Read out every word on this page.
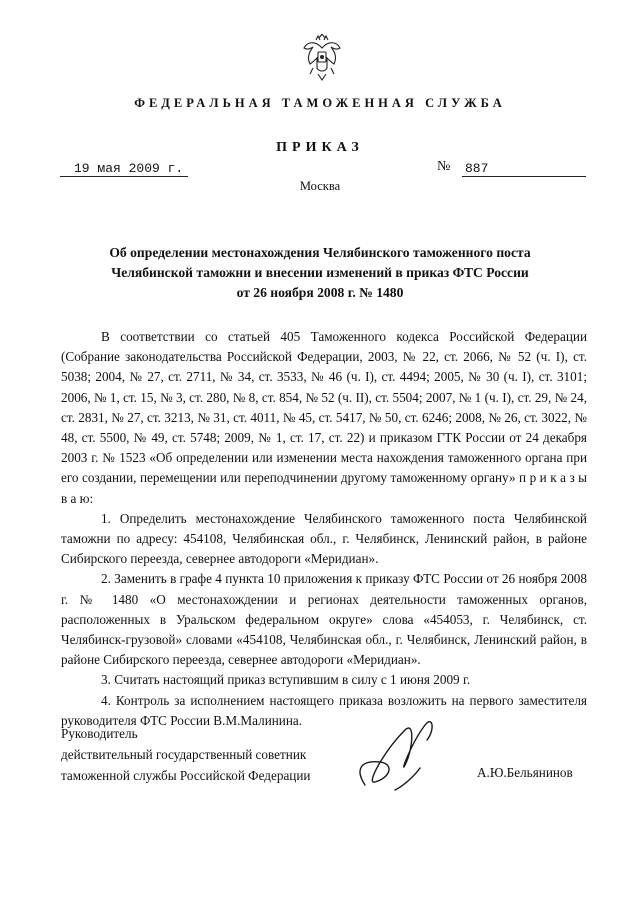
ФЕДЕРАЛЬНАЯ ТАМОЖЕННАЯ СЛУЖБА
ПРИКАЗ
19 мая 2009 г.	№ 887
Москва
Об определении местонахождения Челябинского таможенного поста
Челябинской таможни и внесении изменений в приказ ФТС России
от 26 ноября 2008 г. № 1480

В соответствии со статьей 405 Таможенного кодекса Российской Федерации (Собрание законодательства Российской Федерации, 2003, № 22, ст. 2066, № 52 (ч. I), ст. 5038; 2004, № 27, ст. 2711, № 34, ст. 3533, № 46 (ч. I), ст. 4494; 2005, № 30 (ч. I), ст. 3101; 2006, № 1, ст. 15, № 3, ст. 280, № 8, ст. 854, № 52 (ч. II), ст. 5504; 2007, № 1 (ч. I), ст. 29, № 24, ст. 2831, № 27, ст. 3213, № 31, ст. 4011, № 45, ст. 5417, № 50, ст. 6246; 2008, № 26, ст. 3022, № 48, ст. 5500, № 49, ст. 5748; 2009, № 1, ст. 17, ст. 22) и приказом ГТК России от 24 декабря 2003 г. № 1523 «Об определении или изменении места нахождения таможенного органа при его создании, перемещении или переподчинении другому таможенному органу» п р и к а з ы в а ю:

1. Определить местонахождение Челябинского таможенного поста Челябинской таможни по адресу: 454108, Челябинская обл., г. Челябинск, Ленинский район, в районе Сибирского переезда, севернее автодороги «Меридиан».

2. Заменить в графе 4 пункта 10 приложения к приказу ФТС России от 26 ноября 2008 г. № 1480 «О местонахождении и регионах деятельности таможенных органов, расположенных в Уральском федеральном округе» слова «454053, г. Челябинск, ст. Челябинск-грузовой» словами «454108, Челябинская обл., г. Челябинск, Ленинский район, в районе Сибирского переезда, севернее автодороги «Меридиан».

3. Считать настоящий приказ вступившим в силу с 1 июня 2009 г.

4. Контроль за исполнением настоящего приказа возложить на первого заместителя руководителя ФТС России В.М.Малинина.

Руководитель
действительный государственный советник
таможенной службы Российской Федерации	А.Ю.Бельянинов
